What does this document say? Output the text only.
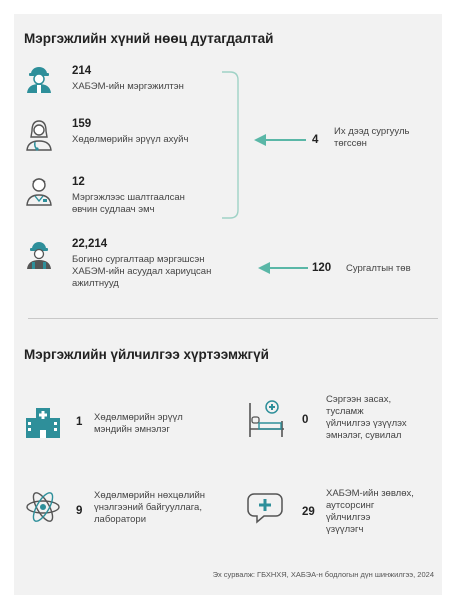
Мэргэжлийн хүний нөөц дутагдалтай
214
ХАБЭМ-ийн мэргэжилтэн
159
Хөдөлмөрийн эрүүл ахуйч
12
Мэргэжлээс шалтгаалсан
өвчин судлаач эмч
4
Их дээд сургууль
төгссөн
22,214
Богино сургалтаар мэргэшсэн
ХАБЭМ-ийн асуудал хариуцсан
ажилтнууд
120 Сургалтын төв
Мэргэжлийн үйлчилгээ хүртээмжгүй
1 Хөдөлмөрийн эрүүл
мэндийн эмнэлэг
0
Сэргээн засах,
тусламж
үйлчилгээ үзүүлэх
эмнэлэг, сувилал
9
Хөдөлмөрийн нөхцөлийн
үнэлгээний байгууллага,
лаборатори
29
ХАБЭМ-ийн зөвлөх,
аутсорсинг
үйлчилгээ
үзүүлэгч
Эх сурвалж: ГБХНХЯ, ХАБЭА-н бодлогын дүн шинжилгээ, 2024
